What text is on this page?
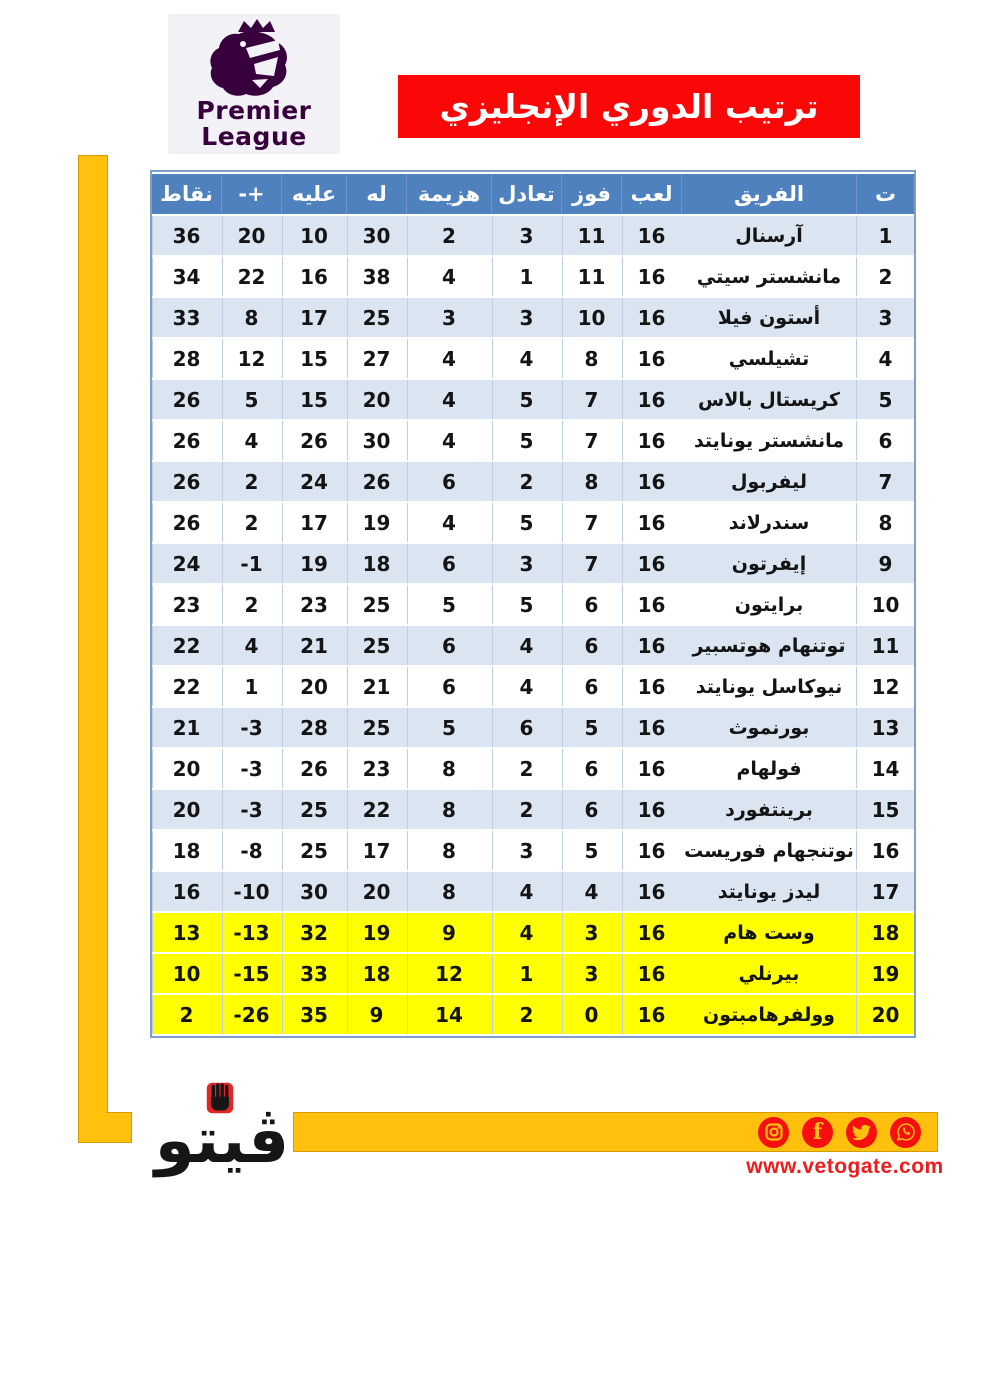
Premier
League
ترتيب الدوري الإنجليزي
ت	الفريق	لعب	فوز	تعادل	هزيمة	له	عليه	+-	نقاط
1	آرسنال	16	11	3	2	30	10	20	36
2	مانشستر سيتي	16	11	1	4	38	16	22	34
3	أستون فيلا	16	10	3	3	25	17	8	33
4	تشيلسي	16	8	4	4	27	15	12	28
5	كريستال بالاس	16	7	5	4	20	15	5	26
6	مانشستر يونايتد	16	7	5	4	30	26	4	26
7	ليفربول	16	8	2	6	26	24	2	26
8	سندرلاند	16	7	5	4	19	17	2	26
9	إيفرتون	16	7	3	6	18	19	-1	24
10	برايتون	16	6	5	5	25	23	2	23
11	توتنهام هوتسبير	16	6	4	6	25	21	4	22
12	نيوكاسل يونايتد	16	6	4	6	21	20	1	22
13	بورنموث	16	5	6	5	25	28	-3	21
14	فولهام	16	6	2	8	23	26	-3	20
15	برينتفورد	16	6	2	8	22	25	-3	20
16	نوتنجهام فوريست	16	5	3	8	17	25	-8	18
17	ليدز يونايتد	16	4	4	8	20	30	-10	16
18	وست هام	16	3	4	9	19	32	-13	13
19	بيرنلي	16	3	1	12	18	33	-15	10
20	وولفرهامبتون	16	0	2	14	9	35	-26	2
ڤيتو	f
www.vetogate.com
